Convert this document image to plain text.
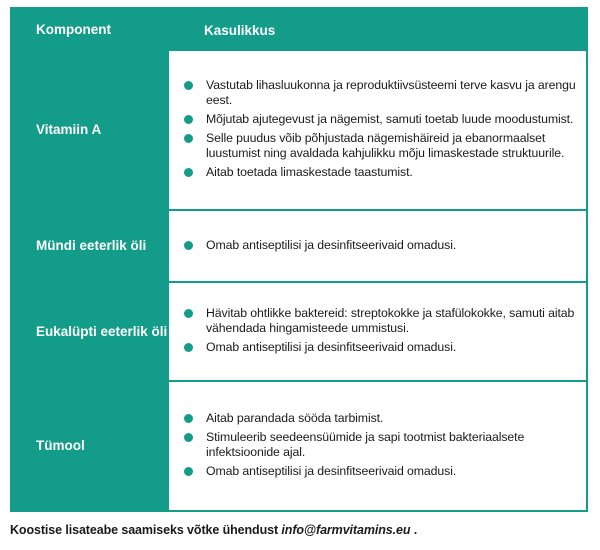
Komponent	Kasulikkus
Vitamiin A
Vastutab lihasluukonna ja reproduktiivsüsteemi terve kasvu ja arengu eest.
Mõjutab ajutegevust ja nägemist, samuti toetab luude moodustumist.
Selle puudus võib põhjustada nägemishäireid ja ebanormaalset luustumist ning avaldada kahjulikku mõju limaskestade struktuurile.
Aitab toetada limaskestade taastumist.
Mündi eeterlik öli	Omab antiseptilisi ja desinfitseerivaid omadusi.
Eukalüpti eeterlik öli
Hävitab ohtlikke baktereid: streptokokke ja stafülokokke, samuti aitab vähendada hingamisteede ummistusi.
Omab antiseptilisi ja desinfitseerivaid omadusi.
Tümool
Aitab parandada sööda tarbimist.
Stimuleerib seedeensüümide ja sapi tootmist bakteriaalsete infektsioonide ajal.
Omab antiseptilisi ja desinfitseerivaid omadusi.
Koostise lisateabe saamiseks võtke ühendust info@farmvitamins.eu .
